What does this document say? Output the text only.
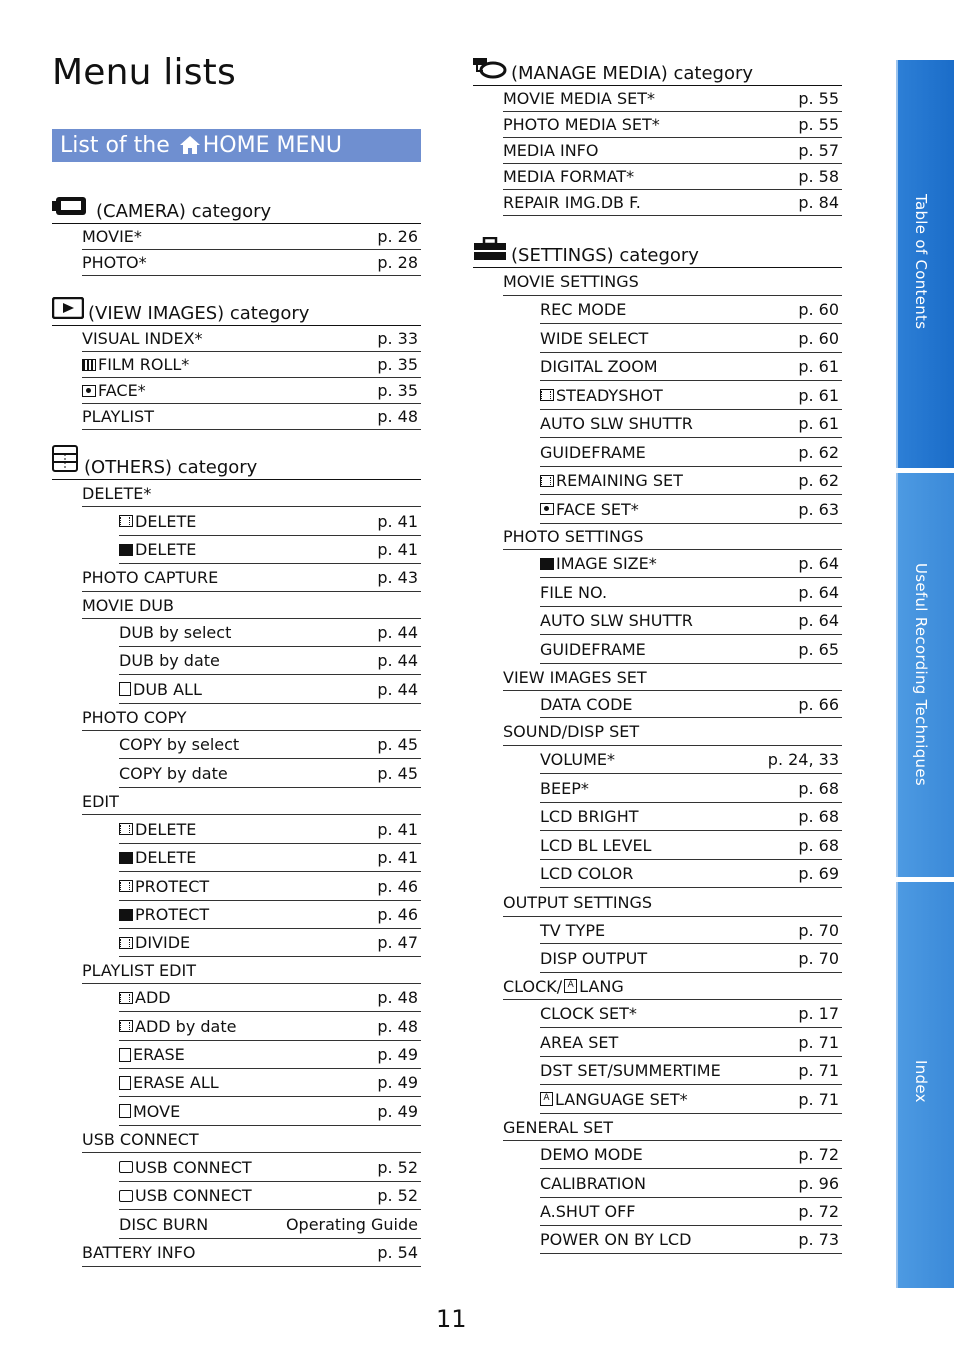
Menu lists
List of the HOME MENU
(CAMERA) category
MOVIE*	p. 26
PHOTO*	p. 28
(VIEW IMAGES) category
VISUAL INDEX*	p. 33
FILM ROLL*	p. 35
FACE*	p. 35
PLAYLIST	p. 48
(OTHERS) category
DELETE*
DELETE	p. 41
DELETE	p. 41
PHOTO CAPTURE	p. 43
MOVIE DUB
DUB by select	p. 44
DUB by date	p. 44
DUB ALL	p. 44
PHOTO COPY
COPY by select	p. 45
COPY by date	p. 45
EDIT
DELETE	p. 41
DELETE	p. 41
PROTECT	p. 46
PROTECT	p. 46
DIVIDE	p. 47
PLAYLIST EDIT
ADD	p. 48
ADD by date	p. 48
ERASE	p. 49
ERASE ALL	p. 49
MOVE	p. 49
USB CONNECT
USB CONNECT	p. 52
USB CONNECT	p. 52
DISC BURN	Operating Guide
BATTERY INFO	p. 54
(MANAGE MEDIA) category
MOVIE MEDIA SET*	p. 55
PHOTO MEDIA SET*	p. 55
MEDIA INFO	p. 57
MEDIA FORMAT*	p. 58
REPAIR IMG.DB F.	p. 84
(SETTINGS) category
MOVIE SETTINGS
REC MODE	p. 60
WIDE SELECT	p. 60
DIGITAL ZOOM	p. 61
STEADYSHOT	p. 61
AUTO SLW SHUTTR	p. 61
GUIDEFRAME	p. 62
REMAINING SET	p. 62
FACE SET*	p. 63
PHOTO SETTINGS
IMAGE SIZE*	p. 64
FILE NO.	p. 64
AUTO SLW SHUTTR	p. 64
GUIDEFRAME	p. 65
VIEW IMAGES SET
DATA CODE	p. 66
SOUND/DISP SET
VOLUME*	p. 24, 33
BEEP*	p. 68
LCD BRIGHT	p. 68
LCD BL LEVEL	p. 68
LCD COLOR	p. 69
OUTPUT SETTINGS
TV TYPE	p. 70
DISP OUTPUT	p. 70
CLOCK/ A LANG
CLOCK SET*	p. 17
AREA SET	p. 71
DST SET/SUMMERTIME	p. 71
A LANGUAGE SET*	p. 71
GENERAL SET
DEMO MODE	p. 72
CALIBRATION	p. 96
A.SHUT OFF	p. 72
POWER ON BY LCD	p. 73
Table of Contents
Useful Recording Techniques
Index
11
